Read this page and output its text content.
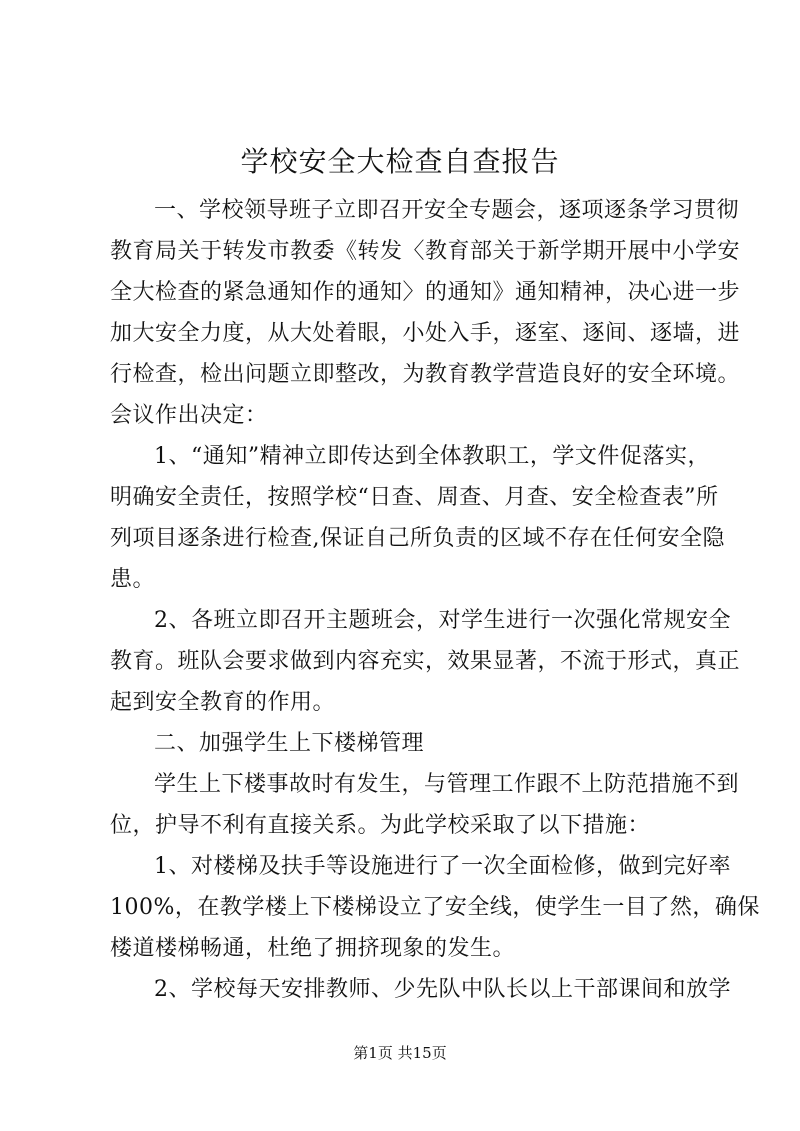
学校安全大检查自查报告
一、学校领导班子立即召开安全专题会，逐项逐条学习贯彻
教育局关于转发市教委《转发〈教育部关于新学期开展中小学安
全大检查的紧急通知作的通知〉的通知》通知精神，决心进一步
加大安全力度，从大处着眼，小处入手，逐室、逐间、逐墙，进
行检查，检出问题立即整改，为教育教学营造良好的安全环境。
会议作出决定：
1、“通知”精神立即传达到全体教职工，学文件促落实，
明确安全责任，按照学校“日查、周查、月查、安全检查表”所
列项目逐条进行检查,保证自己所负责的区域不存在任何安全隐
患。
2、各班立即召开主题班会，对学生进行一次强化常规安全
教育。班队会要求做到内容充实，效果显著，不流于形式，真正
起到安全教育的作用。
二、加强学生上下楼梯管理
学生上下楼事故时有发生，与管理工作跟不上防范措施不到
位，护导不利有直接关系。为此学校采取了以下措施：
1、对楼梯及扶手等设施进行了一次全面检修，做到完好率
100%，在教学楼上下楼梯设立了安全线，使学生一目了然，确保
楼道楼梯畅通，杜绝了拥挤现象的发生。
2、学校每天安排教师、少先队中队长以上干部课间和放学
第1页 共15页
